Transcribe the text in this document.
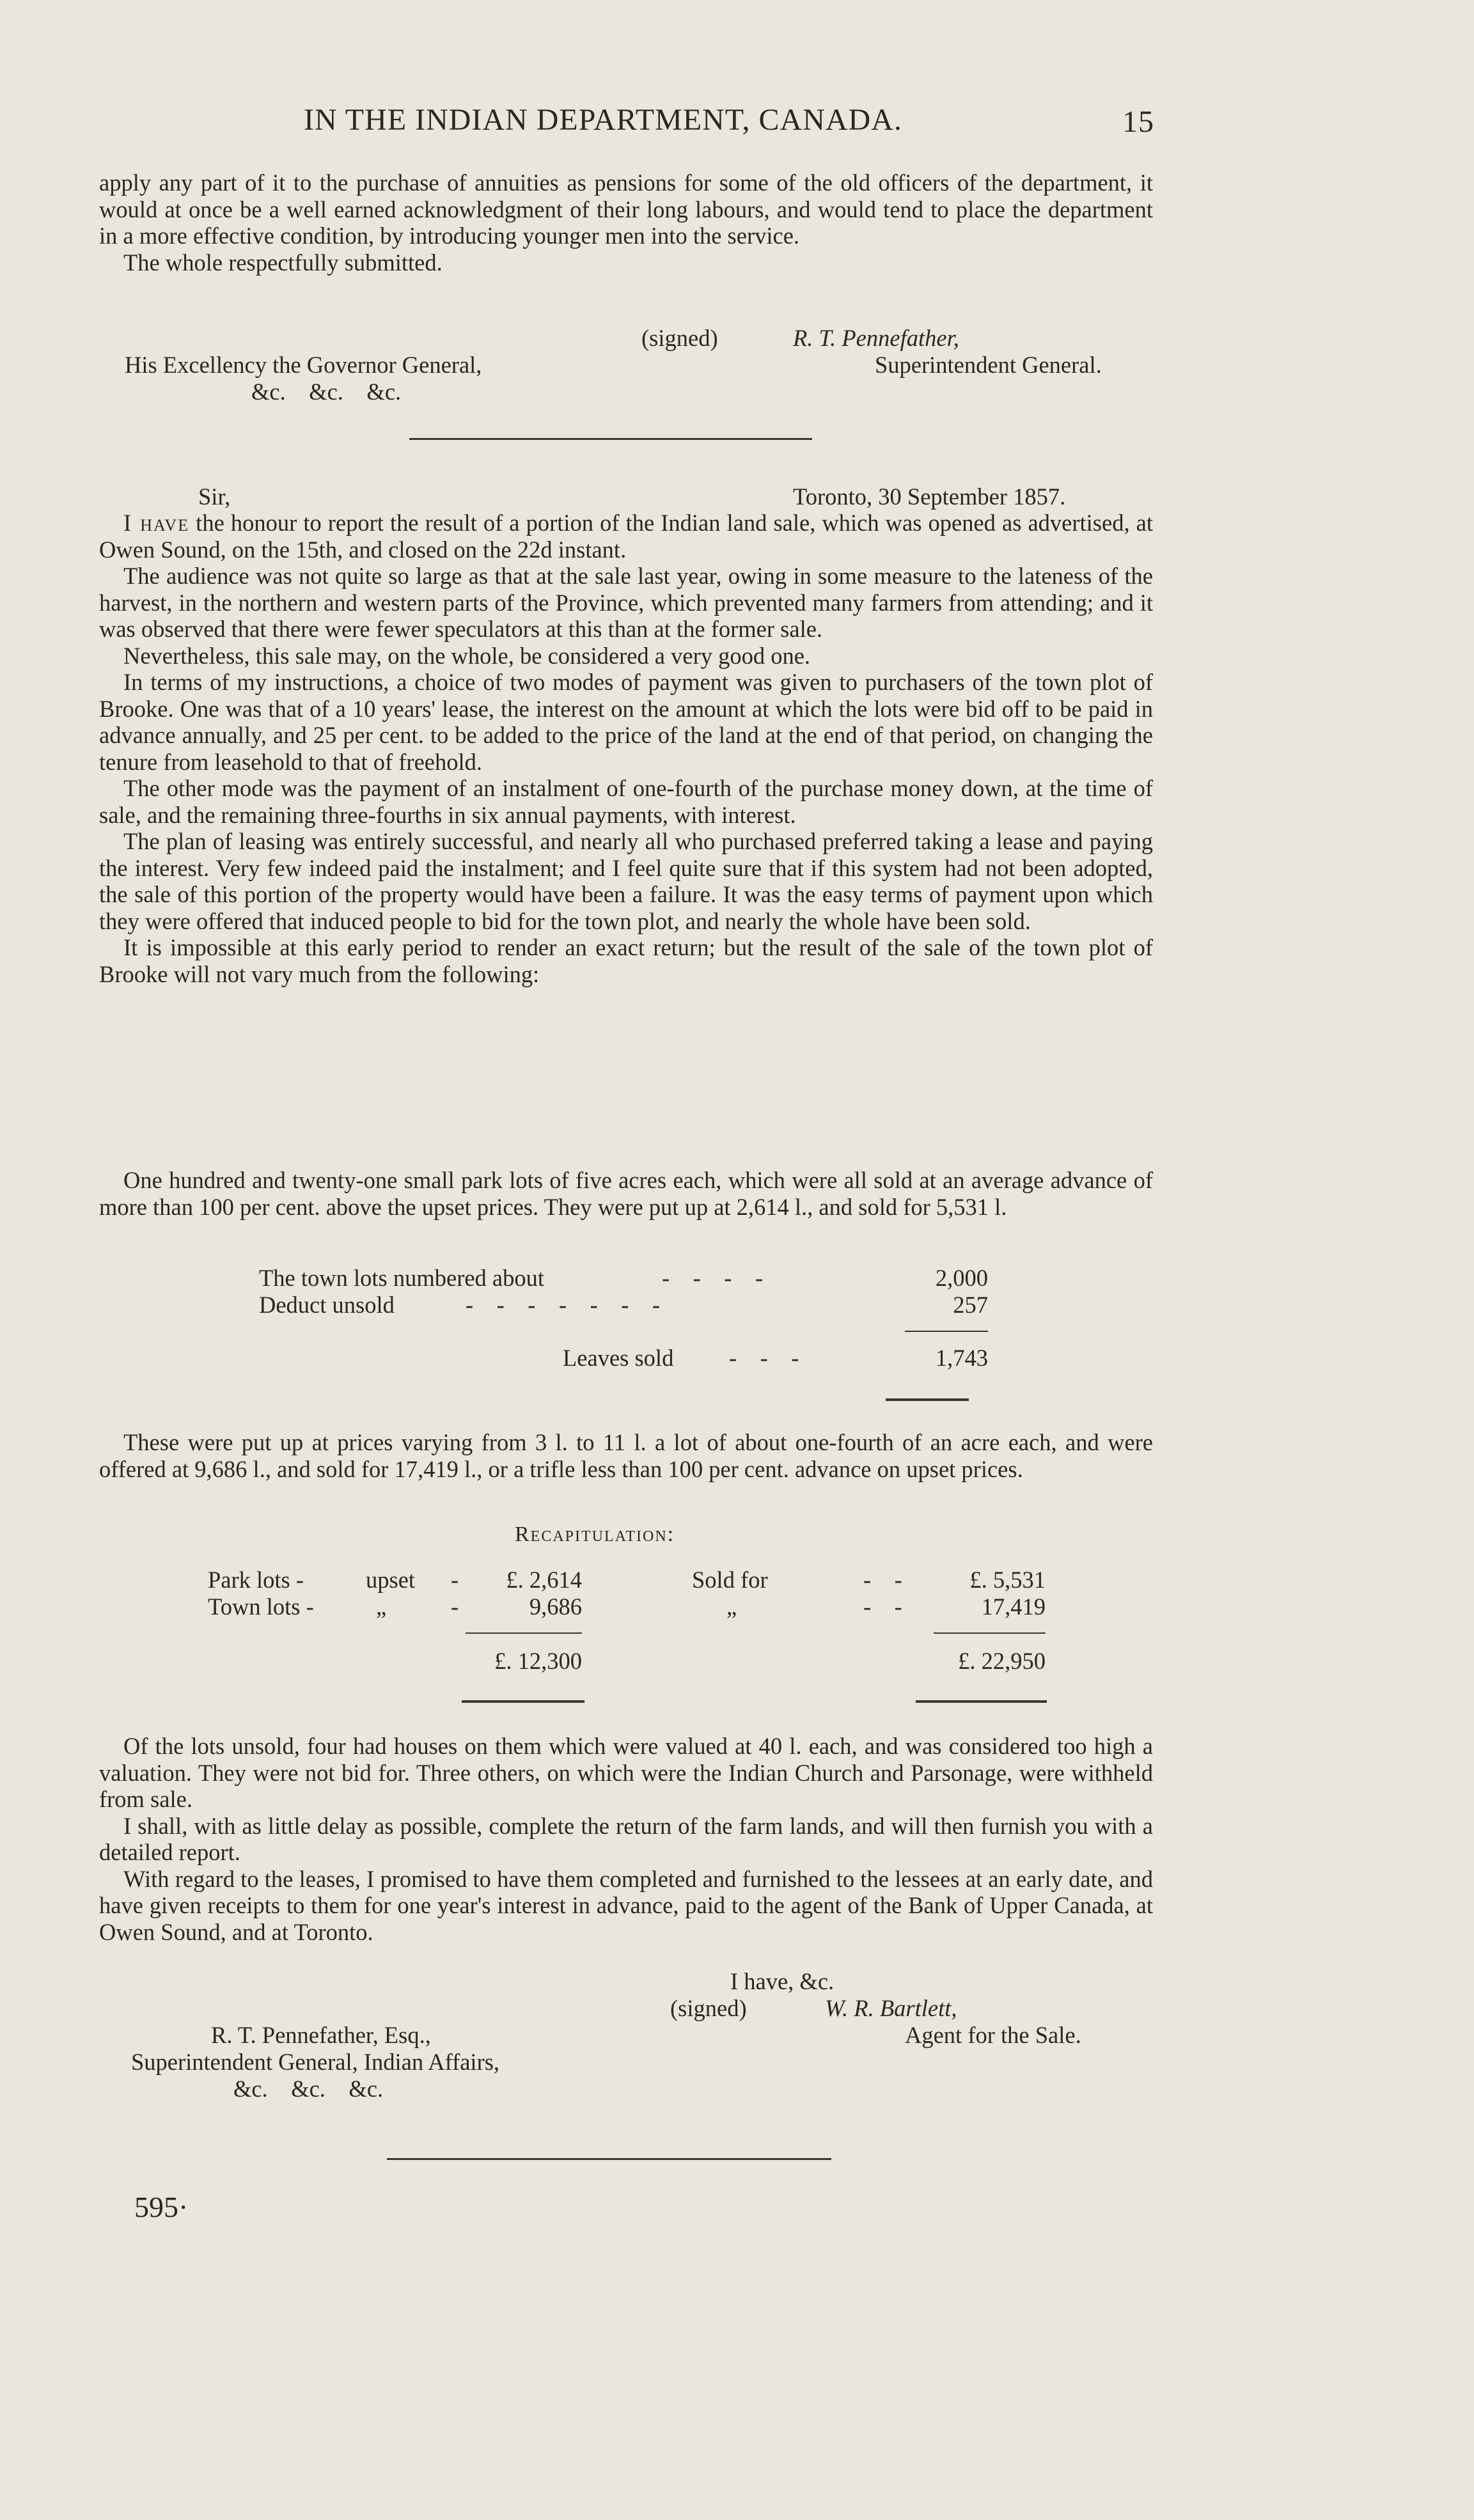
IN THE INDIAN DEPARTMENT, CANADA.	15

apply any part of it to the purchase of annuities as pensions for some of the old officers of the department, it would at once be a well earned acknowledgment of their long labours, and would tend to place the department in a more effective condition, by introducing younger men into the service.

The whole respectfully submitted.

(signed)	R. T. Pennefather,
His Excellency the Governor General,	Superintendent General.
&c.    &c.    &c.
Sir,	Toronto, 30 September 1857.

I have the honour to report the result of a portion of the Indian land sale, which was opened as advertised, at Owen Sound, on the 15th, and closed on the 22d instant.

The audience was not quite so large as that at the sale last year, owing in some measure to the lateness of the harvest, in the northern and western parts of the Province, which prevented many farmers from attending; and it was observed that there were fewer speculators at this than at the former sale.

Nevertheless, this sale may, on the whole, be considered a very good one.

In terms of my instructions, a choice of two modes of payment was given to purchasers of the town plot of Brooke. One was that of a 10 years' lease, the interest on the amount at which the lots were bid off to be paid in advance annually, and 25 per cent. to be added to the price of the land at the end of that period, on changing the tenure from leasehold to that of freehold.

The other mode was the payment of an instalment of one-fourth of the purchase money down, at the time of sale, and the remaining three-fourths in six annual payments, with interest.

The plan of leasing was entirely successful, and nearly all who purchased preferred taking a lease and paying the interest. Very few indeed paid the instalment; and I feel quite sure that if this system had not been adopted, the sale of this portion of the property would have been a failure. It was the easy terms of payment upon which they were offered that induced people to bid for the town plot, and nearly the whole have been sold.

It is impossible at this early period to render an exact return; but the result of the sale of the town plot of Brooke will not vary much from the following:

One hundred and twenty-one small park lots of five acres each, which were all sold at an average advance of more than 100 per cent. above the upset prices. They were put up at 2,614 l., and sold for 5,531 l.

The town lots numbered about	-    -    -    -	2,000
Deduct unsold	-    -    -    -    -    -    -	257
Leaves sold -    -    -	1,743

These were put up at prices varying from 3 l. to 11 l. a lot of about one-fourth of an acre each, and were offered at 9,686 l., and sold for 17,419 l., or a trifle less than 100 per cent. advance on upset prices.

Recapitulation:
Park lots -	upset -	£. 2,614	Sold for	-    -	£. 5,531
Town lots -	„	-	9,686	„	-    -	17,419
£. 12,300	£. 22,950

Of the lots unsold, four had houses on them which were valued at 40 l. each, and was considered too high a valuation. They were not bid for. Three others, on which were the Indian Church and Parsonage, were withheld from sale.

I shall, with as little delay as possible, complete the return of the farm lands, and will then furnish you with a detailed report.

With regard to the leases, I promised to have them completed and furnished to the lessees at an early date, and have given receipts to them for one year's interest in advance, paid to the agent of the Bank of Upper Canada, at Owen Sound, and at Toronto.

I have, &c.
(signed)	W. R. Bartlett,
R. T. Pennefather, Esq.,	Agent for the Sale.
Superintendent General, Indian Affairs,
&c.    &c.    &c.
595·
